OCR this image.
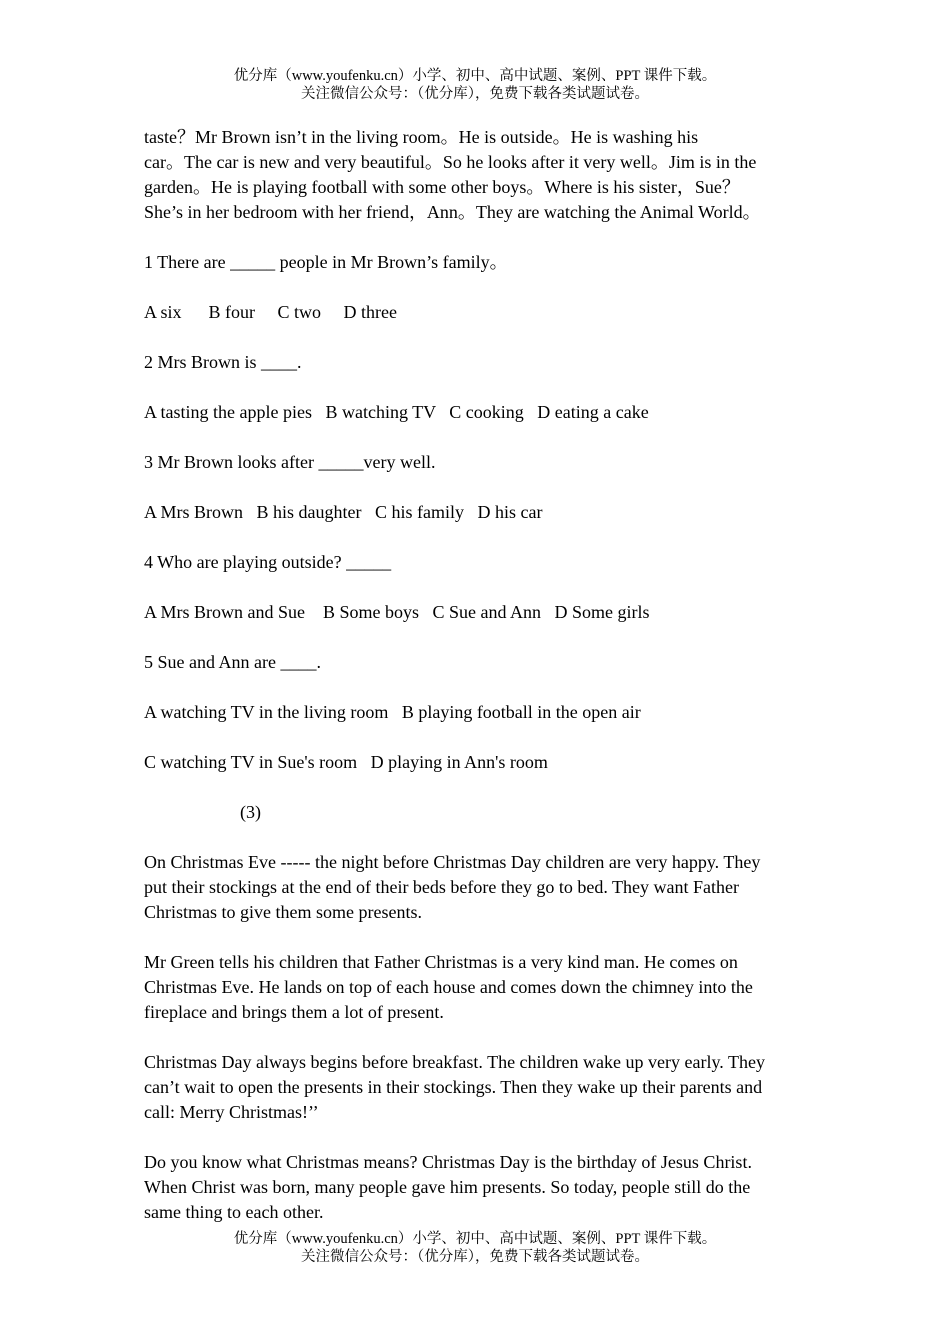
优分库（www.youfenku.cn）小学、初中、高中试题、案例、PPT 课件下载。
关注微信公众号：（优分库），免费下载各类试题试卷。

taste？Mr Brown isn’t in the living room。He is outside。He is washing his

car。The car is new and very beautiful。So he looks after it very well。Jim is in the

garden。He is playing football with some other boys。Where is his sister，Sue？

She’s in her bedroom with her friend，Ann。They are watching the Animal World。

1 There are _____ people in Mr Brown’s family。

A six      B four     C two     D three

2 Mrs Brown is ____.

A tasting the apple pies   B watching TV   C cooking   D eating a cake

3 Mr Brown looks after _____very well.

A Mrs Brown   B his daughter   C his family   D his car

4 Who are playing outside? _____

A Mrs Brown and Sue    B Some boys   C Sue and Ann   D Some girls

5 Sue and Ann are ____.

A watching TV in the living room   B playing football in the open air

C watching TV in Sue's room   D playing in Ann's room

(3)

On Christmas Eve ----- the night before Christmas Day children are very happy. They

put their stockings at the end of their beds before they go to bed. They want Father

Christmas to give them some presents.

Mr Green tells his children that Father Christmas is a very kind man. He comes on

Christmas Eve. He lands on top of each house and comes down the chimney into the

fireplace and brings them a lot of present.

Christmas Day always begins before breakfast. The children wake up very early. They

can’t wait to open the presents in their stockings. Then they wake up their parents and

call: Merry Christmas!’’

Do you know what Christmas means? Christmas Day is the birthday of Jesus Christ.

When Christ was born, many people gave him presents. So today, people still do the

same thing to each other.

优分库（www.youfenku.cn）小学、初中、高中试题、案例、PPT 课件下载。
关注微信公众号：（优分库），免费下载各类试题试卷。
